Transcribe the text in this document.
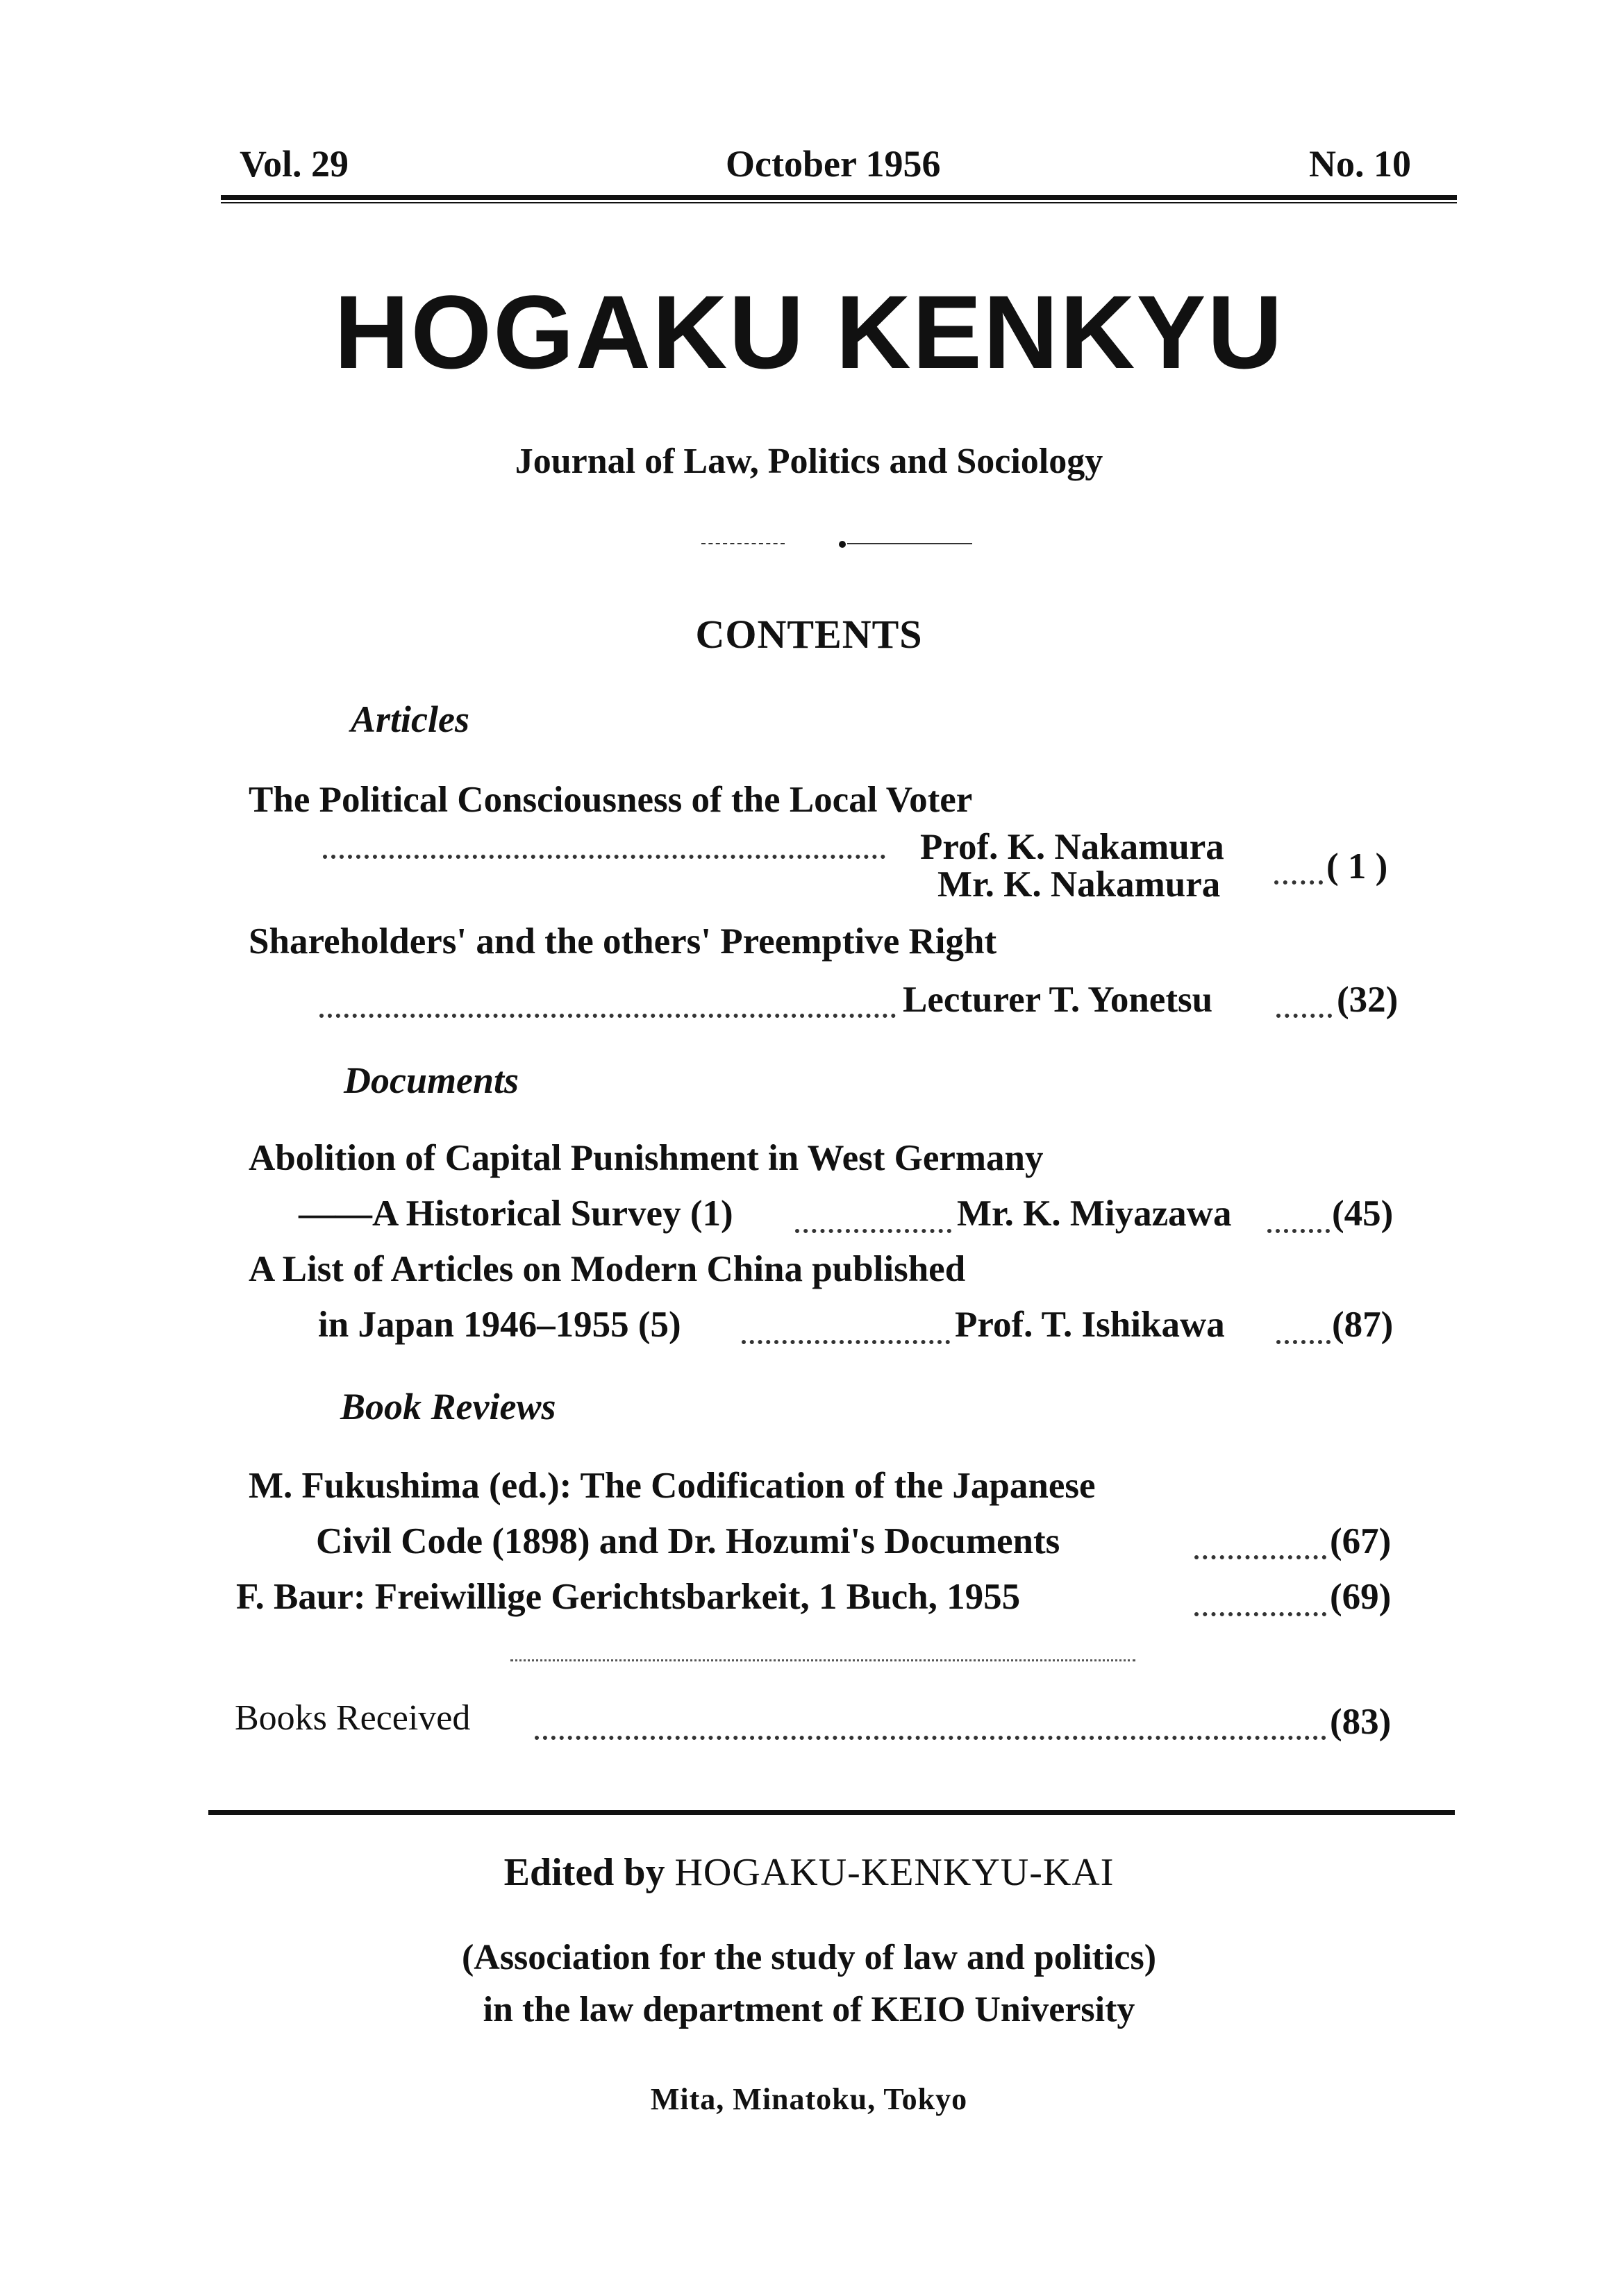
Vol. 29	October 1956	No. 10
HOGAKU KENKYU
Journal of Law, Politics and Sociology
CONTENTS
Articles
The Political Consciousness of the Local Voter
Prof. K. Nakamura
Mr. K. Nakamura	( 1 )
Shareholders' and the others' Preemptive Right
Lecturer T. Yonetsu	(32)
Documents
Abolition of Capital Punishment in West Germany
——A Historical Survey (1)	Mr. K. Miyazawa	(45)
A List of Articles on Modern China published
in Japan 1946–1955 (5)	Prof. T. Ishikawa	(87)
Book Reviews
M. Fukushima (ed.): The Codification of the Japanese
Civil Code (1898) and Dr. Hozumi's Documents	(67)
F. Baur: Freiwillige Gerichtsbarkeit, 1 Buch, 1955	(69)
Books Received	(83)
Edited by HOGAKU-KENKYU-KAI
(Association for the study of law and politics)
in the law department of KEIO University
Mita, Minatoku, Tokyo
